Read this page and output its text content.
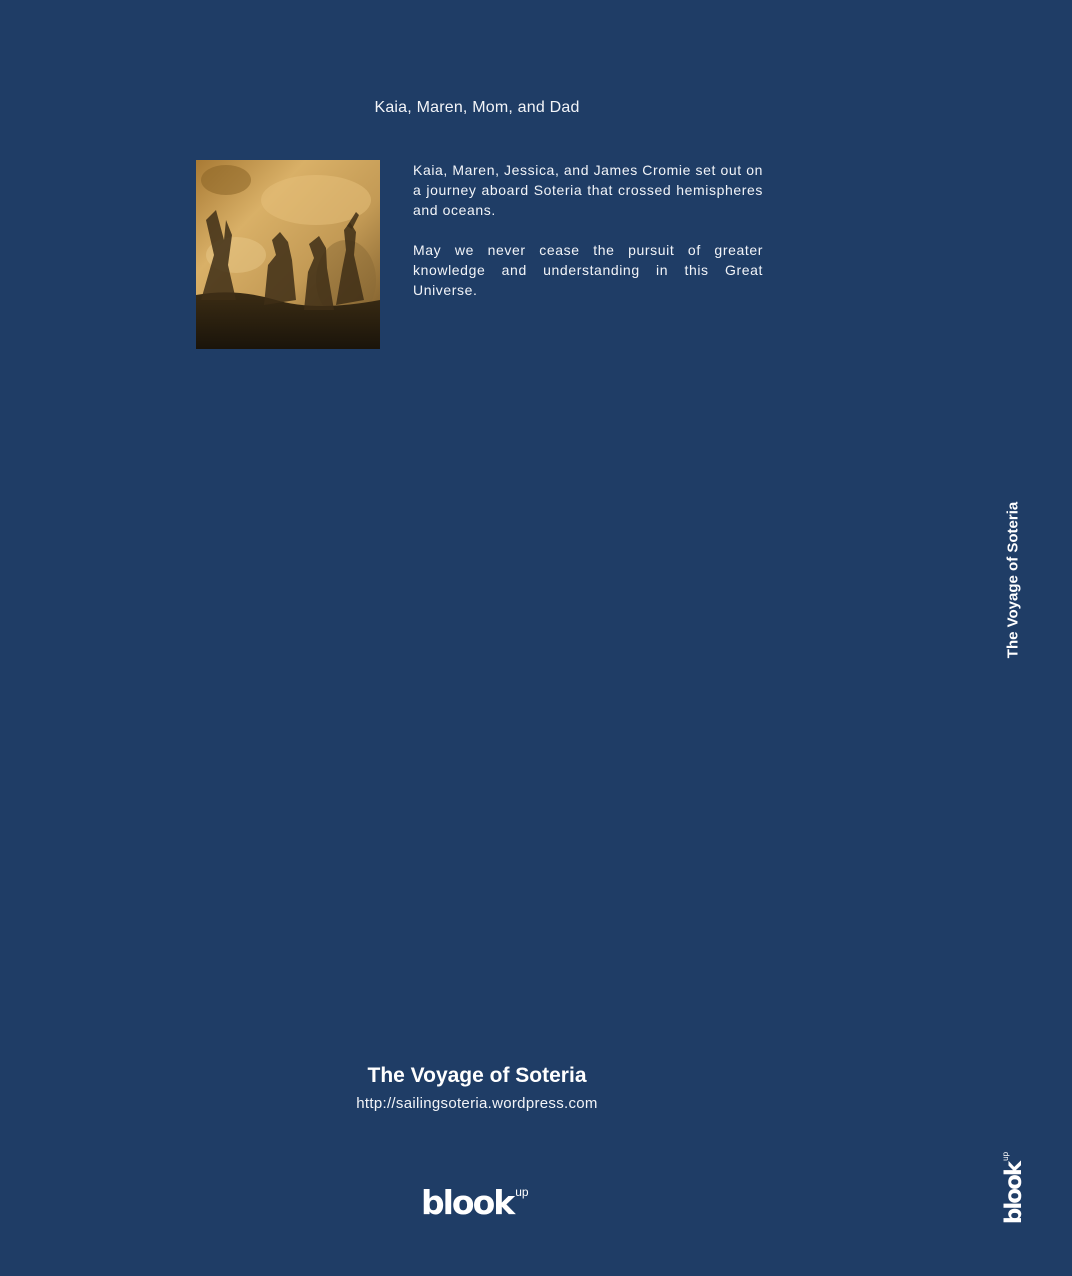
Kaia, Maren, Mom, and Dad

Kaia, Maren, Jessica, and James Cromie set out on a journey aboard Soteria that crossed hemispheres and oceans.

May we never cease the pursuit of greater knowledge and understanding in this Great Universe.

The Voyage of Soteria
The Voyage of Soteria
http://sailingsoteria.wordpress.com
blook up	blook
up
